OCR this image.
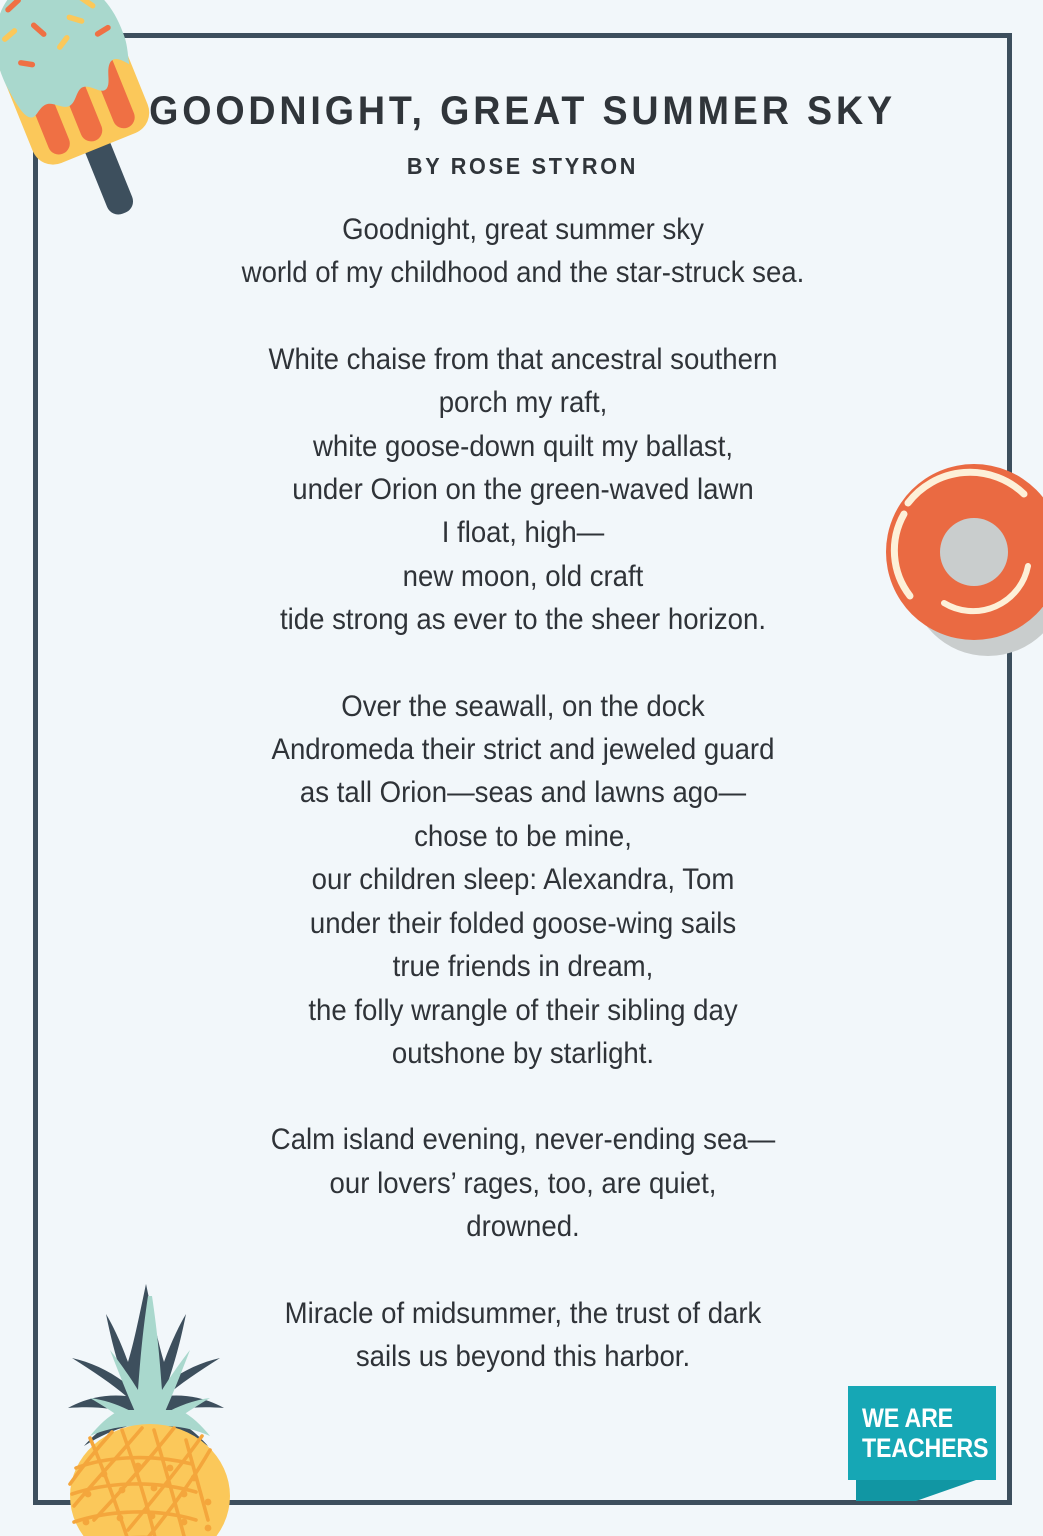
GOODNIGHT, GREAT SUMMER SKY
BY ROSE STYRON
Goodnight, great summer sky
world of my childhood and the star-struck sea.
White chaise from that ancestral southern
porch my raft,
white goose-down quilt my ballast,
under Orion on the green-waved lawn
I float, high—
new moon, old craft
tide strong as ever to the sheer horizon.
Over the seawall, on the dock
Andromeda their strict and jeweled guard
as tall Orion—seas and lawns ago—
chose to be mine,
our children sleep: Alexandra, Tom
under their folded goose-wing sails
true friends in dream,
the folly wrangle of their sibling day
outshone by starlight.
Calm island evening, never-ending sea—
our lovers’ rages, too, are quiet,
drowned.
Miracle of midsummer, the trust of dark
sails us beyond this harbor.
WE ARE
TEACHERS
